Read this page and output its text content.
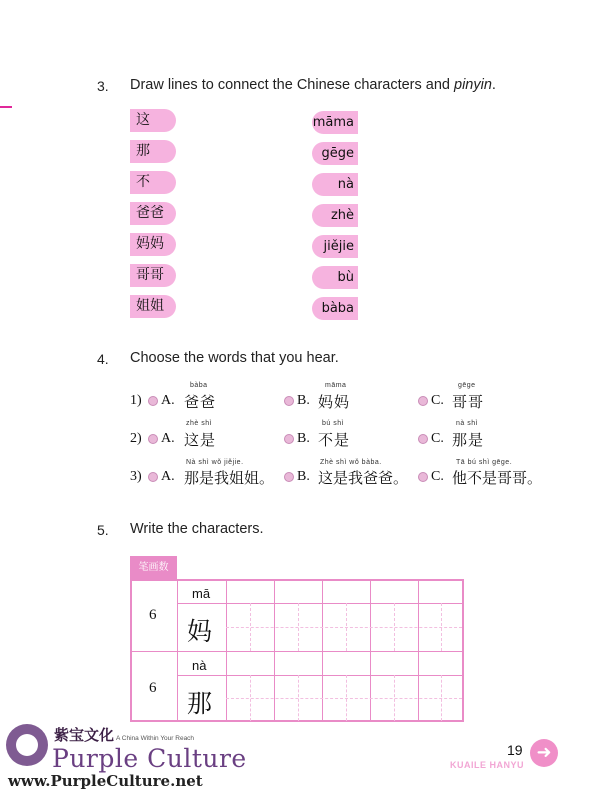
3. Draw lines to connect the Chinese characters and pinyin.
这
那
不
爸爸
妈妈
哥哥
姐姐
māma
gēge
nà
zhè
jiějie
bù
bàba
4. Choose the words that you hear.
1) A.
bàba
爸爸	B.
māma
妈妈	C.
gēge
哥哥
2) A.
zhè shì
这是	B.
bú shì
不是	C.
nà shì
那是
3) A.
Nà shì wǒ jiějie.
那是我姐姐。 B.
Zhè shì wǒ bàba.
这是我爸爸。 C.
Tā bú shì gēge.
他不是哥哥。
5. Write the characters.
笔画数
6
mā
妈
6
nà
那
紫宝文化 A China Within Your Reach
Purple Culture
www.PurpleCulture.net
19
KUAILE HANYU
➜
